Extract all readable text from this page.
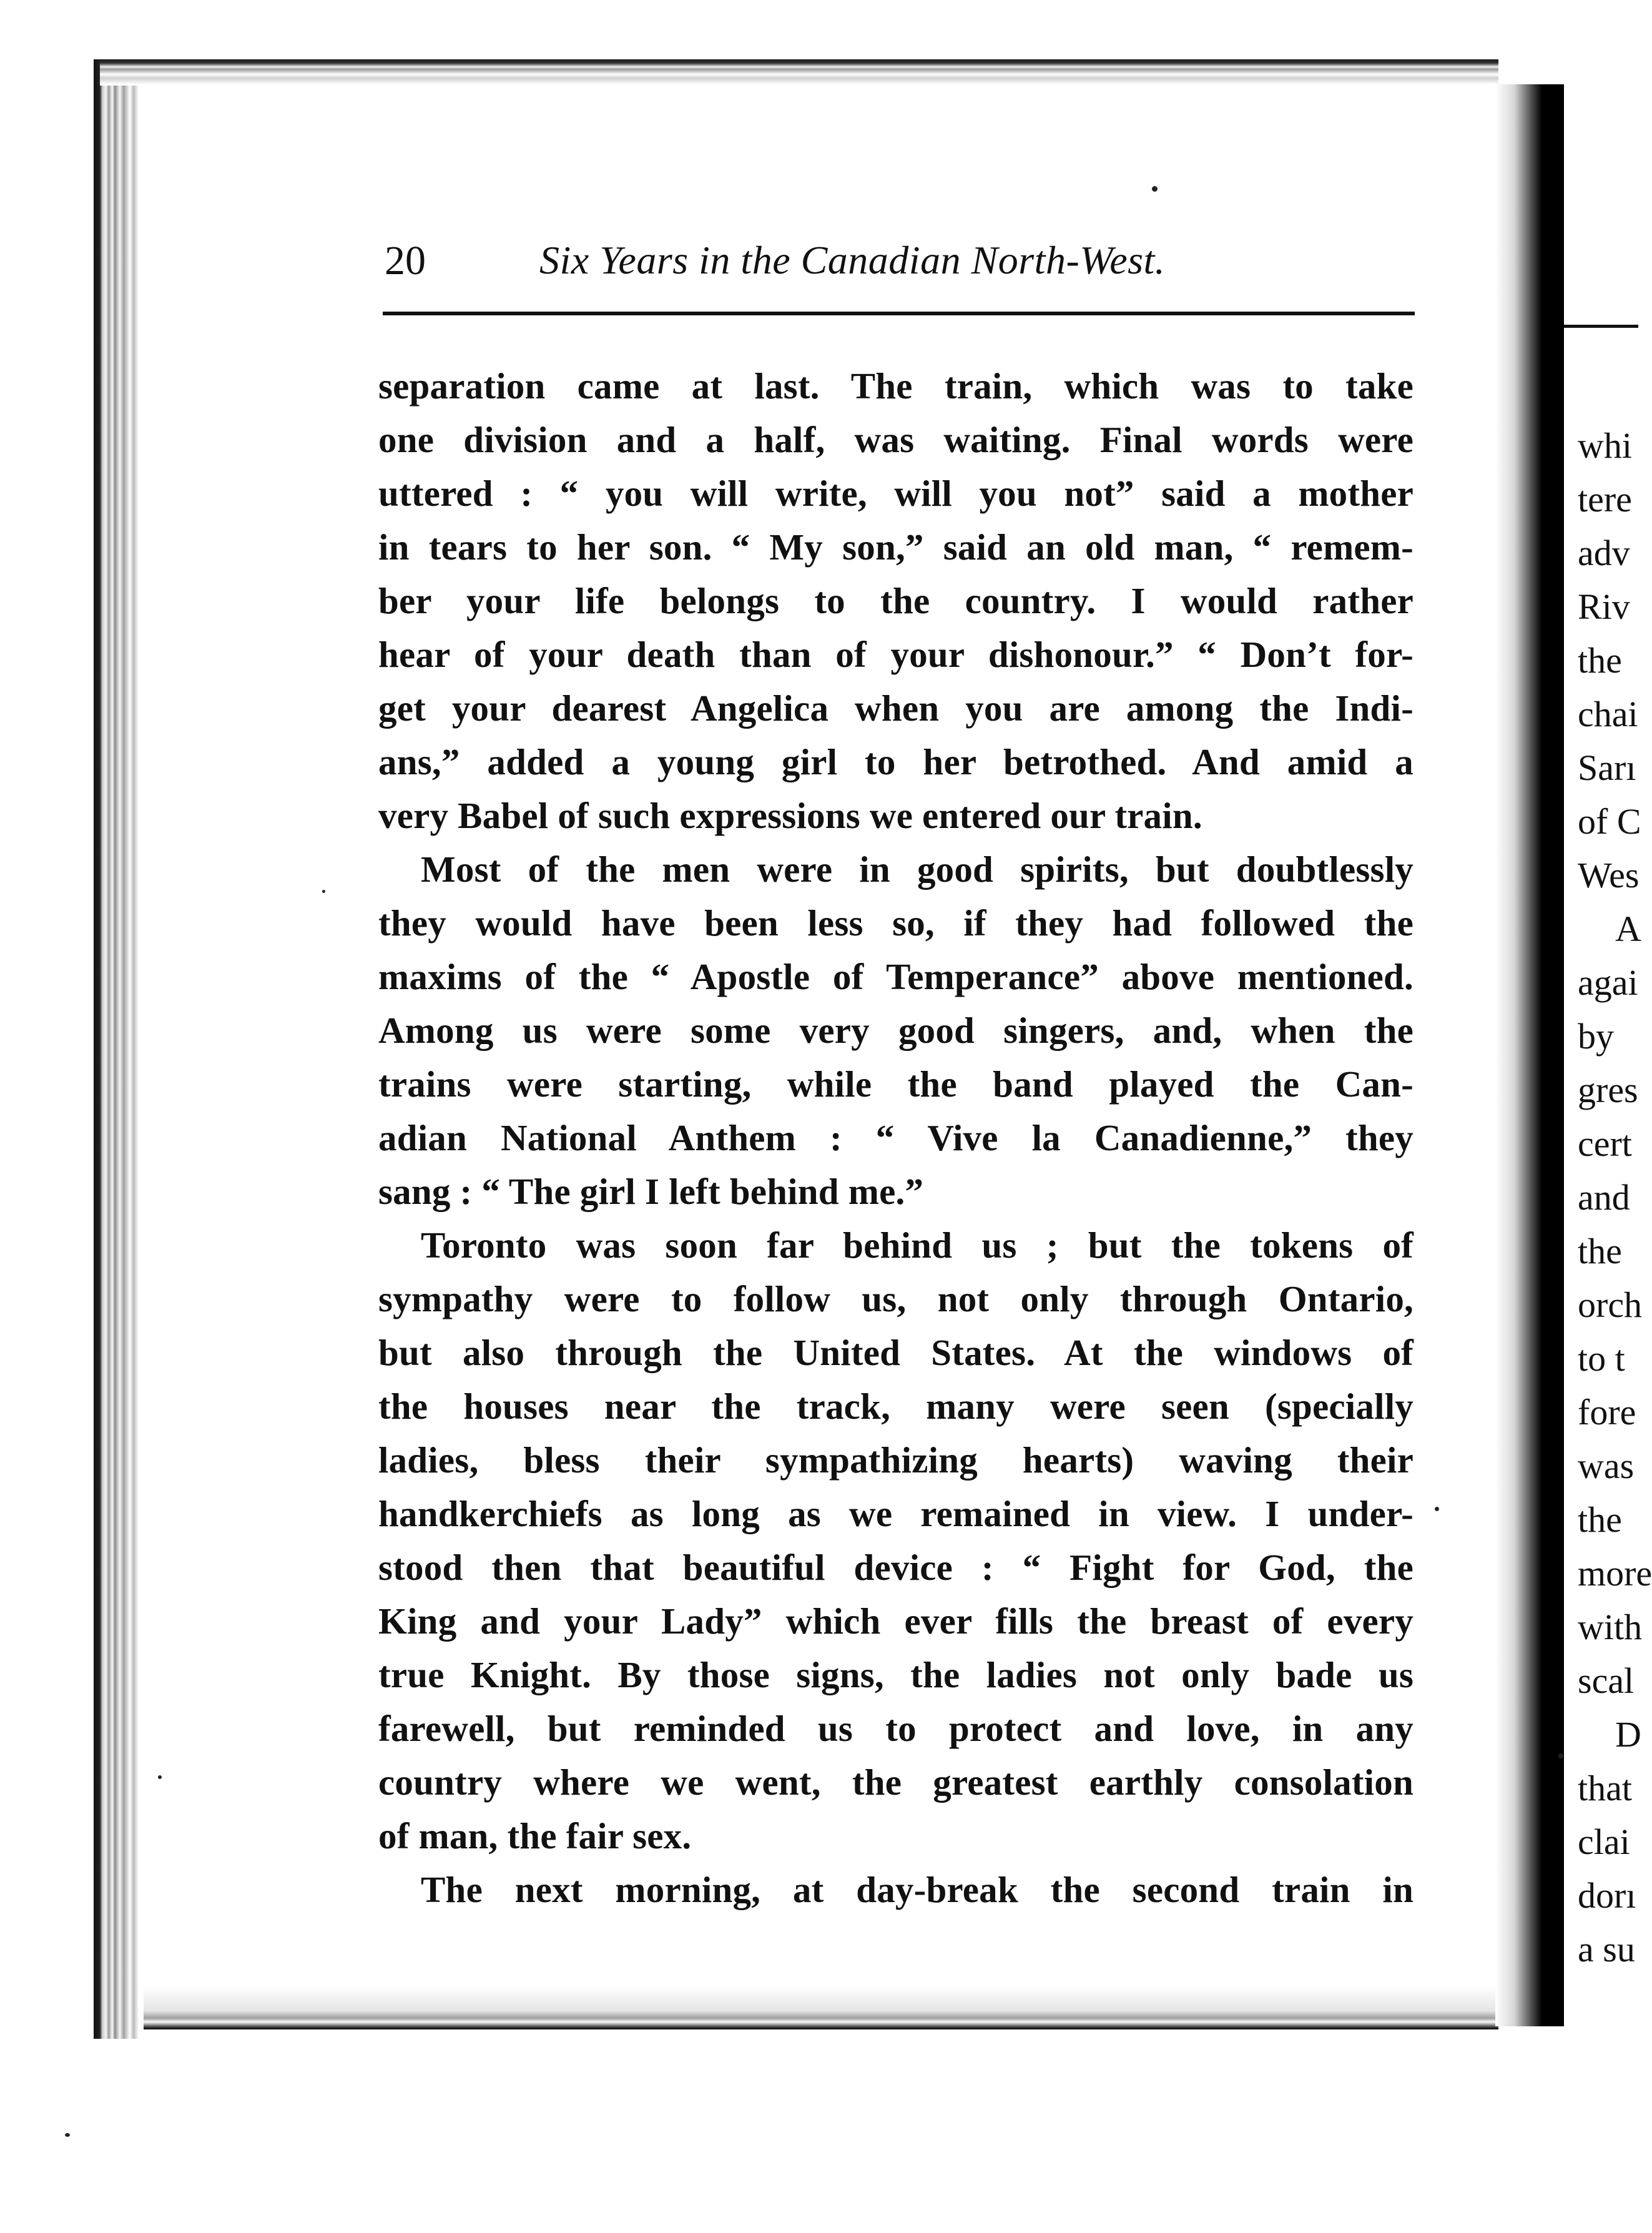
20	Six Years in the Canadian North-West.
separation came at last. The train, which was to take
one division and a half, was waiting. Final words were
uttered : “ you will write, will you not” said a mother
in tears to her son. “ My son,” said an old man, “ remem-
ber your life belongs to the country. I would rather
hear of your death than of your dishonour.” “ Don’t for-
get your dearest Angelica when you are among the Indi-
ans,” added a young girl to her betrothed. And amid a
very Babel of such expressions we entered our train.
Most of the men were in good spirits, but doubtlessly
they would have been less so, if they had followed the
maxims of the “ Apostle of Temperance” above mentioned.
Among us were some very good singers, and, when the
trains were starting, while the band played the Can-
adian National Anthem : “ Vive la Canadienne,” they
sang : “ The girl I left behind me.”
Toronto was soon far behind us ; but the tokens of
sympathy were to follow us, not only through Ontario,
but also through the United States. At the windows of
the houses near the track, many were seen (specially
ladies, bless their sympathizing hearts) waving their
handkerchiefs as long as we remained in view. I under-
stood then that beautiful device : “ Fight for God, the
King and your Lady” which ever fills the breast of every
true Knight. By those signs, the ladies not only bade us
farewell, but reminded us to protect and love, in any
country where we went, the greatest earthly consolation
of man, the fair sex.
The next morning, at day-break the second train in
whi
tere
adv
Riv
the
chai
Sarı
of C
Wes
A
agai
by
gres
cert
and
the
orch
to t
fore
was
the
more
with
scal
D
that
clai
dorı
a su
